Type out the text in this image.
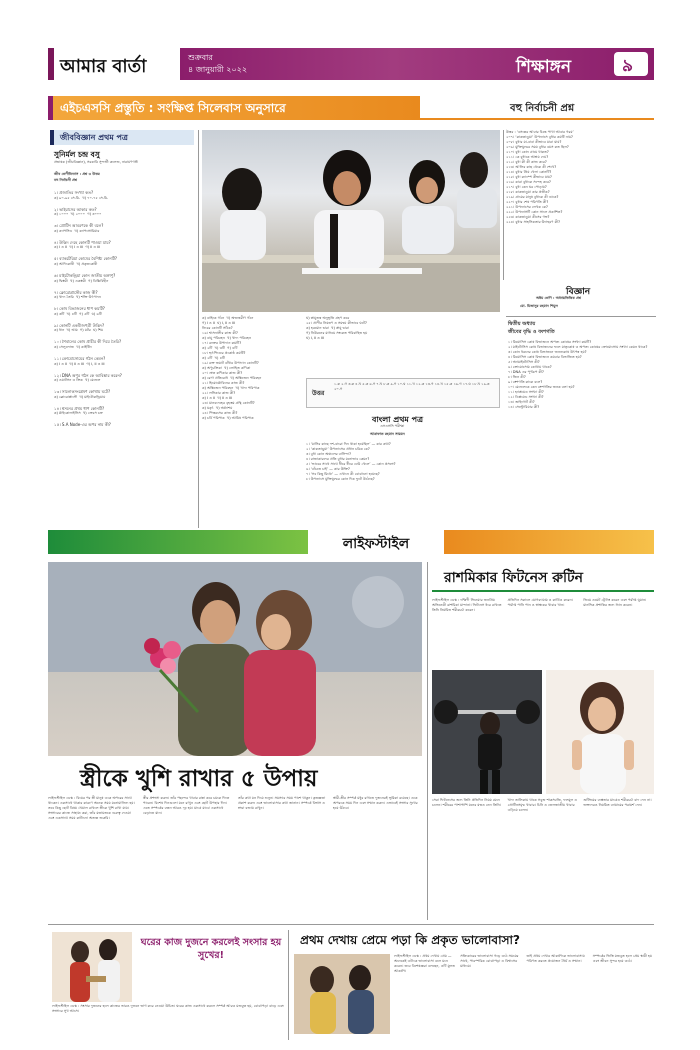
আমার বার্তা	শুক্রবার
৪ জানুয়ারী ২০২২	শিক্ষাঙ্গন	৯
এইচএসসি প্রস্তুতি : সংক্ষিপ্ত সিলেবাস অনুসারে	বহু নির্বাচনী প্রশ্ন
জীববিজ্ঞান প্রথম পত্র
সুনির্মল চন্দ্র বসু
প্রভাষক (জীববিজ্ঞান), সরকারি সুন্দর্জী কলেজ, নারায়ণগঞ্জ
জীব শ্রেণীবিন্যাস : প্রশ্ন ও উত্তর
বহু নির্বাচনী প্রশ্ন
১। প্রজাতির সংখ্যা কত?
ক) ৯০-৯৫ সে.মি.  খ) ৭০-৭৫ সে.মি.
২। ভাইরাসের আকার কত?
ক) ১০০০  খ) ২০০০  গ) ৩০০০
৩। প্রোটিন আবরণকে কী বলে?
ক) ক্যাপসিড  খ) ক্যাপসোমিয়ার
৪। উদ্ভিদ দেহে কোনটি পাওয়া যায়?
ক) i ও ii  খ) i ও iii  গ) ii ও iii
৫। ব্যাকটেরিয়া কোষের বৈশিষ্ট্য কোনটি?
ক) আদিকোষী  খ) প্রকৃতকোষী
৬। মাইটোকন্ড্রিয়া কোন জাতীয় অঙ্গাণু?
ক) দ্বিস্তরী  খ) একস্তরী  গ) ঝিল্লিবিহীন
৭। ক্লোরোপ্লাস্টের কাজ কী?
ক) খাদ্য তৈরি  খ) শক্তি উৎপাদন
৮। কোষ বিভাজনের ধাপ কয়টি?
ক) ৩টি  খ) ৪টি  গ) ৫টি  ঘ) ৬টি
৯। কোনটি একবীজপত্রী উদ্ভিদ?
ক) ধান  খ) আম  গ) মটর  ঘ) শিম
১০। শৈবালের কোষ প্রাচীর কী দিয়ে তৈরি?
ক) সেলুলোজ  খ) কাইটিন
১১। ক্রোমোসোমের গঠন কেমন?
ক) i ও ii  খ) ii ও iii  গ) i, ii ও iii
১২। DNA অণুর গঠন কে আবিষ্কার করেন?
ক) ওয়াটসন ও ক্রিক  খ) মেন্ডেল
১৩। সালোকসংশ্লেষণ কোথায় ঘটে?
ক) ক্লোরোপ্লাস্টে  খ) মাইটোকন্ড্রিয়ায়
১৪। শ্বসনের প্রথম ধাপ কোনটি?
ক) গ্লাইকোলাইসিস  খ) ক্রেবস চক্র
১৫। S.A Node-এর অপর নাম কী?
উত্তর : ‘বসন্তের আবার চিন্তে পাখা আবার গরম’
২০৭। ‘কাকতাড়ুয়া’ উপন্যাসে বুধার কয়টি নাম?
২০৮। বুধার মা-বাবা কীভাবে মারা যায়?
২০৯। মুক্তিযুদ্ধের সময় বুধার বয়স কত ছিল?
২১০। বুধা কোন গ্রামে থাকত?
২১১। কে বুধাকে আশ্রয় দেয়?
২১২। বুধা কী কী কাজ করে?
২১৩। আলির কাছ থেকে কী শেখে?
২১৪। বুধার প্রিয় খেলা কোনটি?
২১৫। বুধা ক্যাম্পে কীভাবে যায়?
২১৬। কারা বুধাকে সন্দেহ করে?
২১৭। বুধা কেন ঘর পোড়ায়?
২১৮। কাকতাড়ুয়া কার প্রতীক?
২১৯। গ্রামের মানুষ বুধাকে কী ডাকে?
২২০। বুধার শেষ পরিণতি কী?
২২১। উপন্যাসের লেখক কে?
২২২। উপন্যাসটি কোন সালে প্রকাশিত?
২২৩। কাকতাড়ুয়া কীসের গল্প?
২২৪। বুধার সাহসিকতার উদাহরণ কী?
বিজ্ঞান
অষ্টম শ্রেণি : অধ্যায়ভিত্তিক প্রশ্ন
মো. মিজানুর রহমান শিমুল
দ্বিতীয় অধ্যায়
জীবের বৃদ্ধি ও বংশগতি
১। মিয়োসিস কোষ বিভাজনে অপত্য কোষের সংখ্যা কয়টি?
২। মাইটোসিস কোষ বিভাজনের ফলে মাতৃকোষ ও অপত্য কোষের ক্রোমোসোম সংখ্যা কেমন থাকে?
৩। কোন ধরনের কোষ বিভাজনে জননকোষ উৎপন্ন হয়?
৪। মিয়োসিস কোষ বিভাজনে কয়বার বিভাজিত হয়?
৫। অ্যামাইটোসিস কী?
৬। ক্রোমোসোম কোথায় থাকে?
৭। DNA এর পূর্ণরূপ কী?
৮। জিন কী?
৯। বংশগতি কাকে বলে?
১০। মেন্ডেলকে কেন বংশগতির জনক বলা হয়?
১১। হ্যাপ্লয়েড সংখ্যা কী?
১২। ডিপ্লয়েড সংখ্যা কী?
১৩। জাইগোট কী?
১৪। সেন্ট্রোমিয়ার কী?
ক) বাহ্যিক গঠন  খ) অভ্যন্তরীণ গঠন
গ) i ও ii  ঘ) i, ii ও iii
নিচের কোনটি সঠিক?
১৬। শ্বাসনালীর কাজ কী?
ক) বায়ু পরিবহন  খ) খাদ্য পরিবহন
১৭। রক্তের উপাদান কয়টি?
ক) ২টি  খ) ৩টি  গ) ৪টি
১৮। হৃৎপিণ্ডের প্রকোষ্ঠ কয়টি?
ক) ২টি  খ) ৪টি
১৯। রক্ত জমাট বাঁধার উপাদান কোনটি?
ক) অণুচক্রিকা  খ) লোহিত কণিকা
২০। শ্বেত কণিকার কাজ কী?
ক) রোগ প্রতিরোধ  খ) অক্সিজেন পরিবহন
২১। হিমোগ্লোবিনের কাজ কী?
ক) অক্সিজেন পরিবহন  খ) খাদ্য পরিপাক
২২। লসিকার কাজ কী?
ক) i ও ii  খ) ii ও iii
২৩। মানবদেহের বৃহত্তম গ্রন্থি কোনটি?
ক) যকৃৎ  খ) অগ্ন্যাশয়
২৪। পিত্তরসের কাজ কী?
ক) চর্বি পরিপাক  খ) আমিষ পরিপাক
ঘ) স্নায়ুতন্ত্র অনুভূতি গ্রহণ করে
২৫। প্রাণীর নিয়ন্ত্রণ ও সমন্বয় কীভাবে ঘটে?
ক) হরমোন দ্বারা  খ) স্নায়ু দ্বারা
গ) নিউরনের মাধ্যমে সংকেত পরিবাহিত হয়
ঘ) i, ii ও iii
উত্তর
১.ক ২.গ ৩.ক ৪.খ ৫.ক ৬.গ ৭.খ ৮.ক ৯.গ ১০.ঘ ১১.খ ১২.ক ১৩.গ ১৪.খ ১৫.ক ১৬.গ ১৭.ঘ ১৮.খ ১৯.ক ২০.গ
বাংলা প্রথম পত্র
এসএসসি পরীক্ষা
আরাফাত রহমান সায়মন
১। ‘মাসির কাছে দশ-বারো দিন থাকা হয়েছিল’ — কার কথা?
২। ‘কাকতাড়ুয়া’ উপন্যাসের প্রধান চরিত্র কে?
৩। বুধা কোন অঞ্চলের বাসিন্দা?
৪। রাজাকারদের প্রতি বুধার মনোভাব কেমন?
৫। ‘ভাবের সাথে সাথে ধীরে ধীরে ঢেউ খেলে’ — কোন প্রসঙ্গে?
৬। ‘বাঁচতে চাই’ — কার উক্তি?
৭। ‘সব কিছু মিথ্যে’ — এখানে কী বোঝানো হয়েছে?
৮। উপন্যাসে মুক্তিযুদ্ধের কোন দিক ফুটে উঠেছে?
লাইফস্টাইল
স্ত্রীকে খুশি রাখার ৫ উপায়
লাইফস্টাইল ডেস্ক : বিয়ের পর স্ত্রী মানুষ একে অপরের সাথে থাকেন। একসাথে থাকার কারণে অনেক সময় মনোমালিন্য হয়। তবে কিছু ছোট বিষয় খেয়াল রাখলে স্ত্রীকে খুশি রাখা যায়। সংসারের কাজে সাহায্য করা, তাঁর মতামতকে গুরুত্ব দেওয়া এবং একসাথে সময় কাটানো অত্যন্ত জরুরি।
স্ত্রীর প্রশংসা করুন। তাঁর পছন্দের খাবার রান্না করে চমকে দিতে পারেন। বিশেষ দিনগুলো মনে রাখুন এবং ছোট উপহার দিন। এতে সম্পর্কের বন্ধন আরও দৃঢ় হয়। মাঝে মাঝে একসাথে বেড়াতে যান।
তাঁর কথা মন দিয়ে শুনুন। সমস্যার সময় পাশে থাকুন। কৃতজ্ঞতা প্রকাশ করুন এবং ভালোবাসার কথা জানান। সম্পর্কে বিশ্বাস ও শ্রদ্ধা বজায় রাখুন।
স্বামী-স্ত্রীর সম্পর্ক মধুর রাখতে দুজনেরই ভূমিকা রয়েছে। একে অপরকে সময় দিন এবং সম্মান করুন। এভাবেই সংসার সুখের হয়ে উঠবে।
রাশমিকার ফিটনেস রুটিন
লাইফস্টাইল ডেস্ক : দক্ষিণী সিনেমার জনপ্রিয় অভিনেত্রী রাশমিকা মান্দানা। ফিটনেস ধরে রাখতে তিনি নিয়মিত শরীরচর্চা করেন।
প্রতিদিন সকালে যোগব্যায়াম ও কার্ডিও করেন। পর্যাপ্ত পানি পান ও স্বাস্থ্যকর খাবার খান।
জিমে ওয়েট ট্রেনিং করেন এবং পর্যাপ্ত ঘুমান। মানসিক প্রশান্তির জন্য ধ্যান করেন।
সেরা ফিটনেসের জন্য তিনি প্রতিদিন নিয়ম মেনে চলেন। শরীরের পাশাপাশি মনের যত্নও নেন তিনি।
খাদ্য তালিকায় থাকে সবুজ শাকসবজি, ফলমূল ও প্রোটিনসমৃদ্ধ খাবার। চিনি ও তেলজাতীয় খাবার এড়িয়ে চলেন।
শুটিংয়ের ব্যস্ততার মাঝেও শরীরচর্চা বাদ দেন না। ভক্তদেরও নিয়মিত ব্যায়ামের পরামর্শ দেন।
ঘরের কাজ দুজনে করলেই সংসার হয় সুখের!
লাইফস্টাইল ডেস্ক : সংসার দুজনের হলে কাজের ভারও দুজনে ভাগ করে নেওয়া উচিত। ঘরের কাজ একসাথে করলে সম্পর্ক আরও মজবুত হয়, বোঝাপড়া বাড়ে এবং সংসারে সুখ আসে।
প্রথম দেখায় প্রেমে পড়া কি প্রকৃত ভালোবাসা?
লাইফস্টাইল ডেস্ক : প্রথম দেখায় প্রেম — অনেকেই এটাকে ভালোবাসা বলে মনে করেন। তবে বিশেষজ্ঞরা বলছেন, এটি মূলত আকর্ষণ।
সত্যিকারের ভালোবাসা গড়ে ওঠে সময়ের সাথে, পারস্পরিক বোঝাপড়া ও বিশ্বাসের মাধ্যমে।
তাই প্রথম দেখার আকর্ষণকে ভালোবাসায় পরিণত করতে প্রয়োজন ধৈর্য ও সম্মান।
সম্পর্কের ভিত্তি মজবুত হলে প্রেম স্থায়ী হয় এবং জীবন সুন্দর হয়ে ওঠে।
